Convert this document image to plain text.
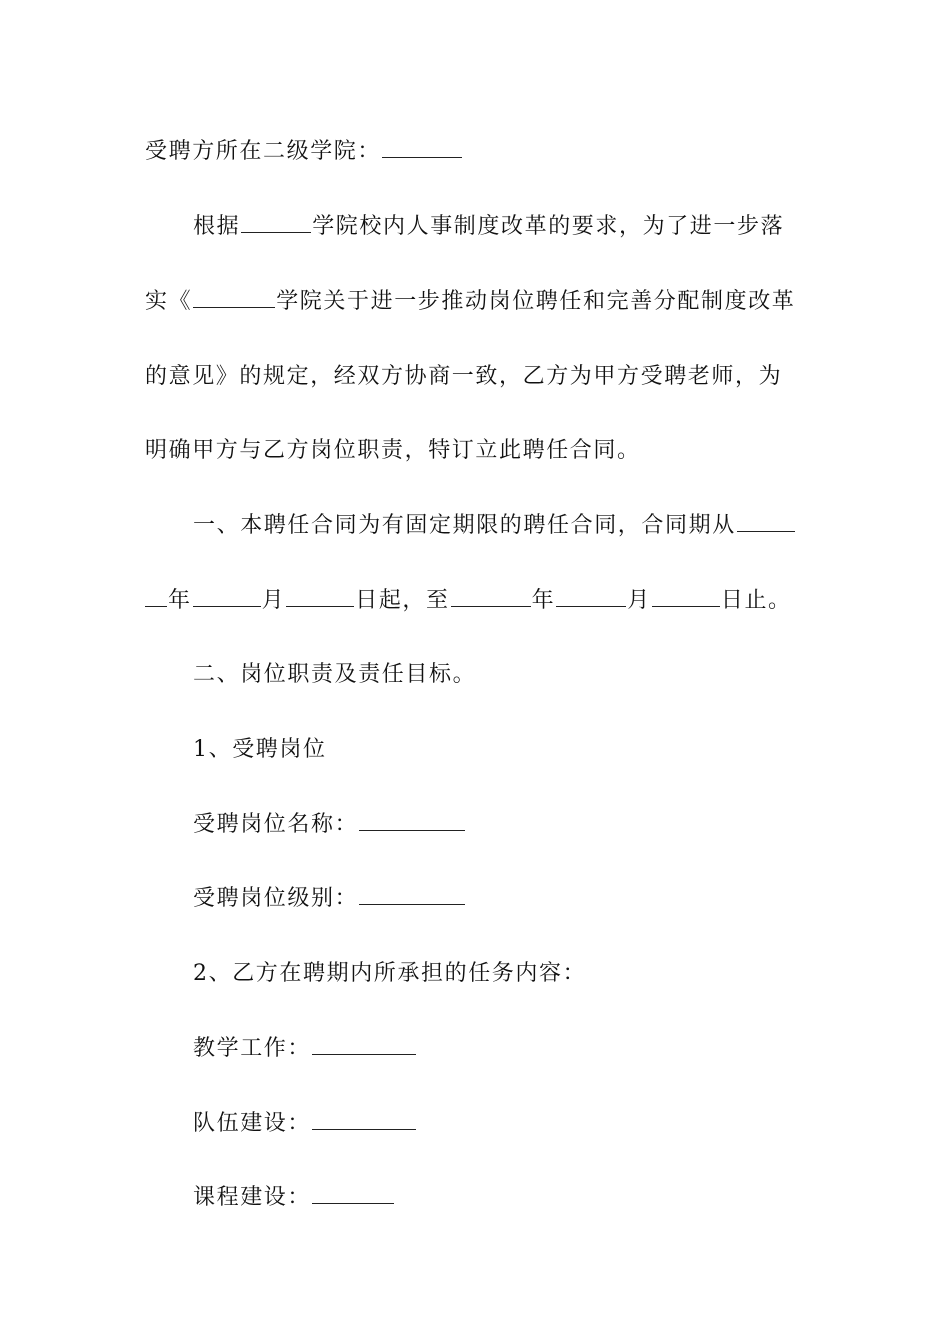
受聘方所在二级学院：
根据	学院校内人事制度改革的要求，为了进一步落
实《	学院关于进一步推动岗位聘任和完善分配制度改革
的意见》的规定，经双方协商一致，乙方为甲方受聘老师，为
明确甲方与乙方岗位职责，特订立此聘任合同。
一、本聘任合同为有固定期限的聘任合同，合同期从
年	月	日起，至	年	月	日止。
二、岗位职责及责任目标。
1、受聘岗位
受聘岗位名称：
受聘岗位级别：
2、乙方在聘期内所承担的任务内容：
教学工作：
队伍建设：
课程建设：
